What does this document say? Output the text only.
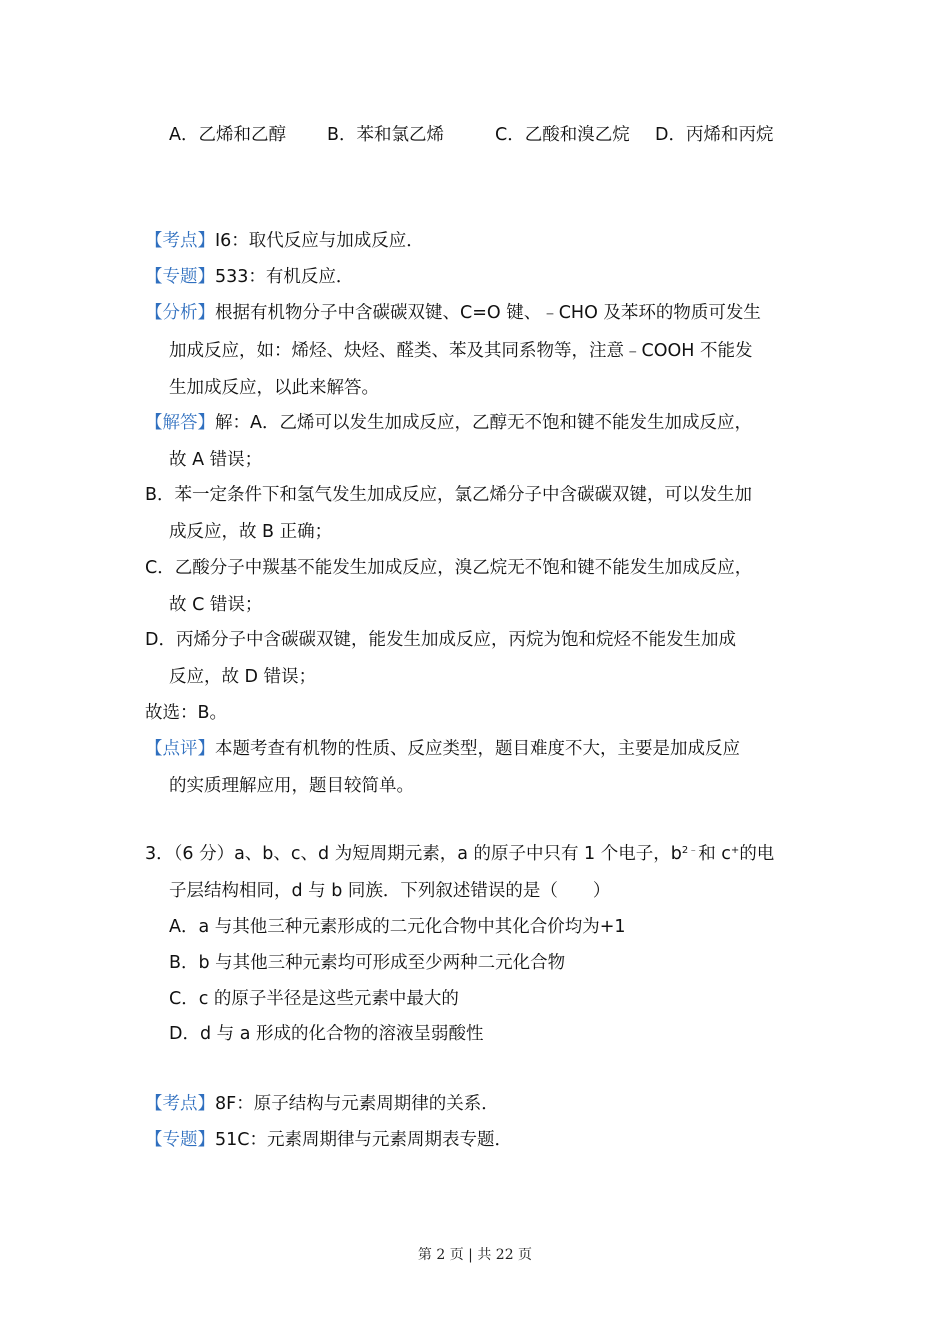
A．乙烯和乙醇 B．苯和氯乙烯	C．乙酸和溴乙烷 D．丙烯和丙烷
【考点】I6：取代反应与加成反应．
【专题】533：有机反应．
【分析】根据有机物分子中含碳碳双键、C=O 键、﹣CHO 及苯环的物质可发生
加成反应，如：烯烃、炔烃、醛类、苯及其同系物等，注意﹣COOH 不能发
生加成反应，以此来解答。
【解答】解：A．乙烯可以发生加成反应，乙醇无不饱和键不能发生加成反应，
故 A 错误；
B．苯一定条件下和氢气发生加成反应，氯乙烯分子中含碳碳双键，可以发生加
成反应，故 B 正确；
C．乙酸分子中羰基不能发生加成反应，溴乙烷无不饱和键不能发生加成反应，
故 C 错误；
D．丙烯分子中含碳碳双键，能发生加成反应，丙烷为饱和烷烃不能发生加成
反应，故 D 错误；
故选：B。
【点评】本题考查有机物的性质、反应类型，题目难度不大，主要是加成反应
的实质理解应用，题目较简单。
3．（6 分）a、b、c、d 为短周期元素，a 的原子中只有 1 个电子，$b^{2﹣}$和 c+的电
子层结构相同，d 与 b 同族．下列叙述错误的是（　　）
A．a 与其他三种元素形成的二元化合物中其化合价均为+1
B．b 与其他三种元素均可形成至少两种二元化合物
C．c 的原子半径是这些元素中最大的
D．d 与 a 形成的化合物的溶液呈弱酸性
【考点】8F：原子结构与元素周期律的关系．
【专题】51C：元素周期律与元素周期表专题．
第 2 页 | 共 22 页
